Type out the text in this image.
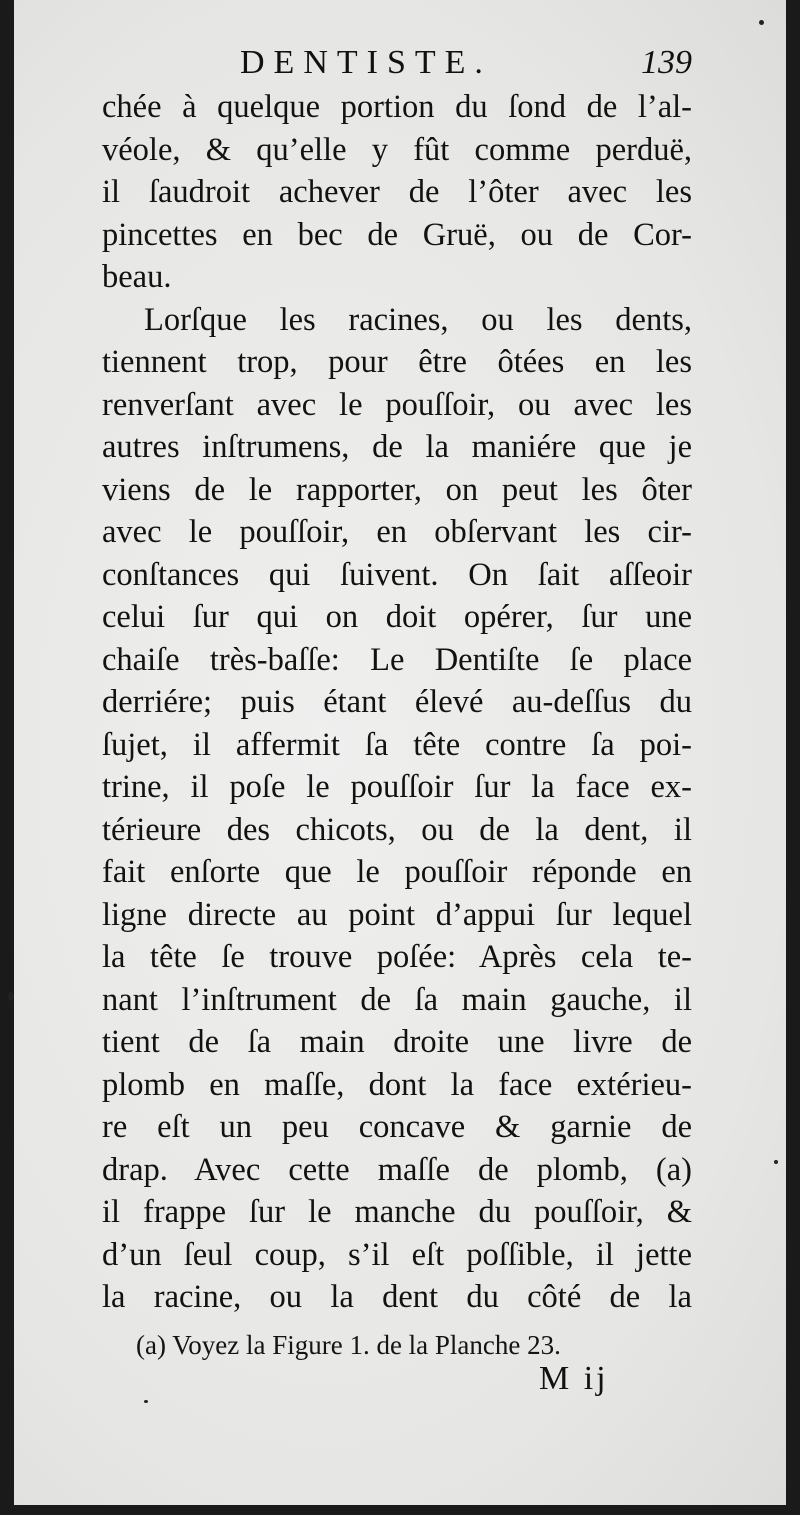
DENTISTE.	139
chée à quelque portion du ſond de l’al-
véole, & qu’elle y fût comme perduë,
il ſaudroit achever de l’ôter avec les
pincettes en bec de Gruë, ou de Cor-
beau.
Lorſque les racines, ou les dents,
tiennent trop, pour être ôtées en les
renverſant avec le pouſſoir, ou avec les
autres inſtrumens, de la maniére que je
viens de le rapporter, on peut les ôter
avec le pouſſoir, en obſervant les cir-
conſtances qui ſuivent. On ſait aſſeoir
celui ſur qui on doit opérer, ſur une
chaiſe très-baſſe: Le Dentiſte ſe place
derriére; puis étant élevé au-deſſus du
ſujet, il affermit ſa tête contre ſa poi-
trine, il poſe le pouſſoir ſur la face ex-
térieure des chicots, ou de la dent, il
fait enſorte que le pouſſoir réponde en
ligne directe au point d’appui ſur lequel
la tête ſe trouve poſée: Après cela te-
nant l’inſtrument de ſa main gauche, il
tient de ſa main droite une livre de
plomb en maſſe, dont la face extérieu-
re eſt un peu concave & garnie de
drap. Avec cette maſſe de plomb, (a)
il frappe ſur le manche du pouſſoir, &
d’un ſeul coup, s’il eſt poſſible, il jette
la racine, ou la dent du côté de la
(a) Voyez la Figure 1. de la Planche 23.
M ij
